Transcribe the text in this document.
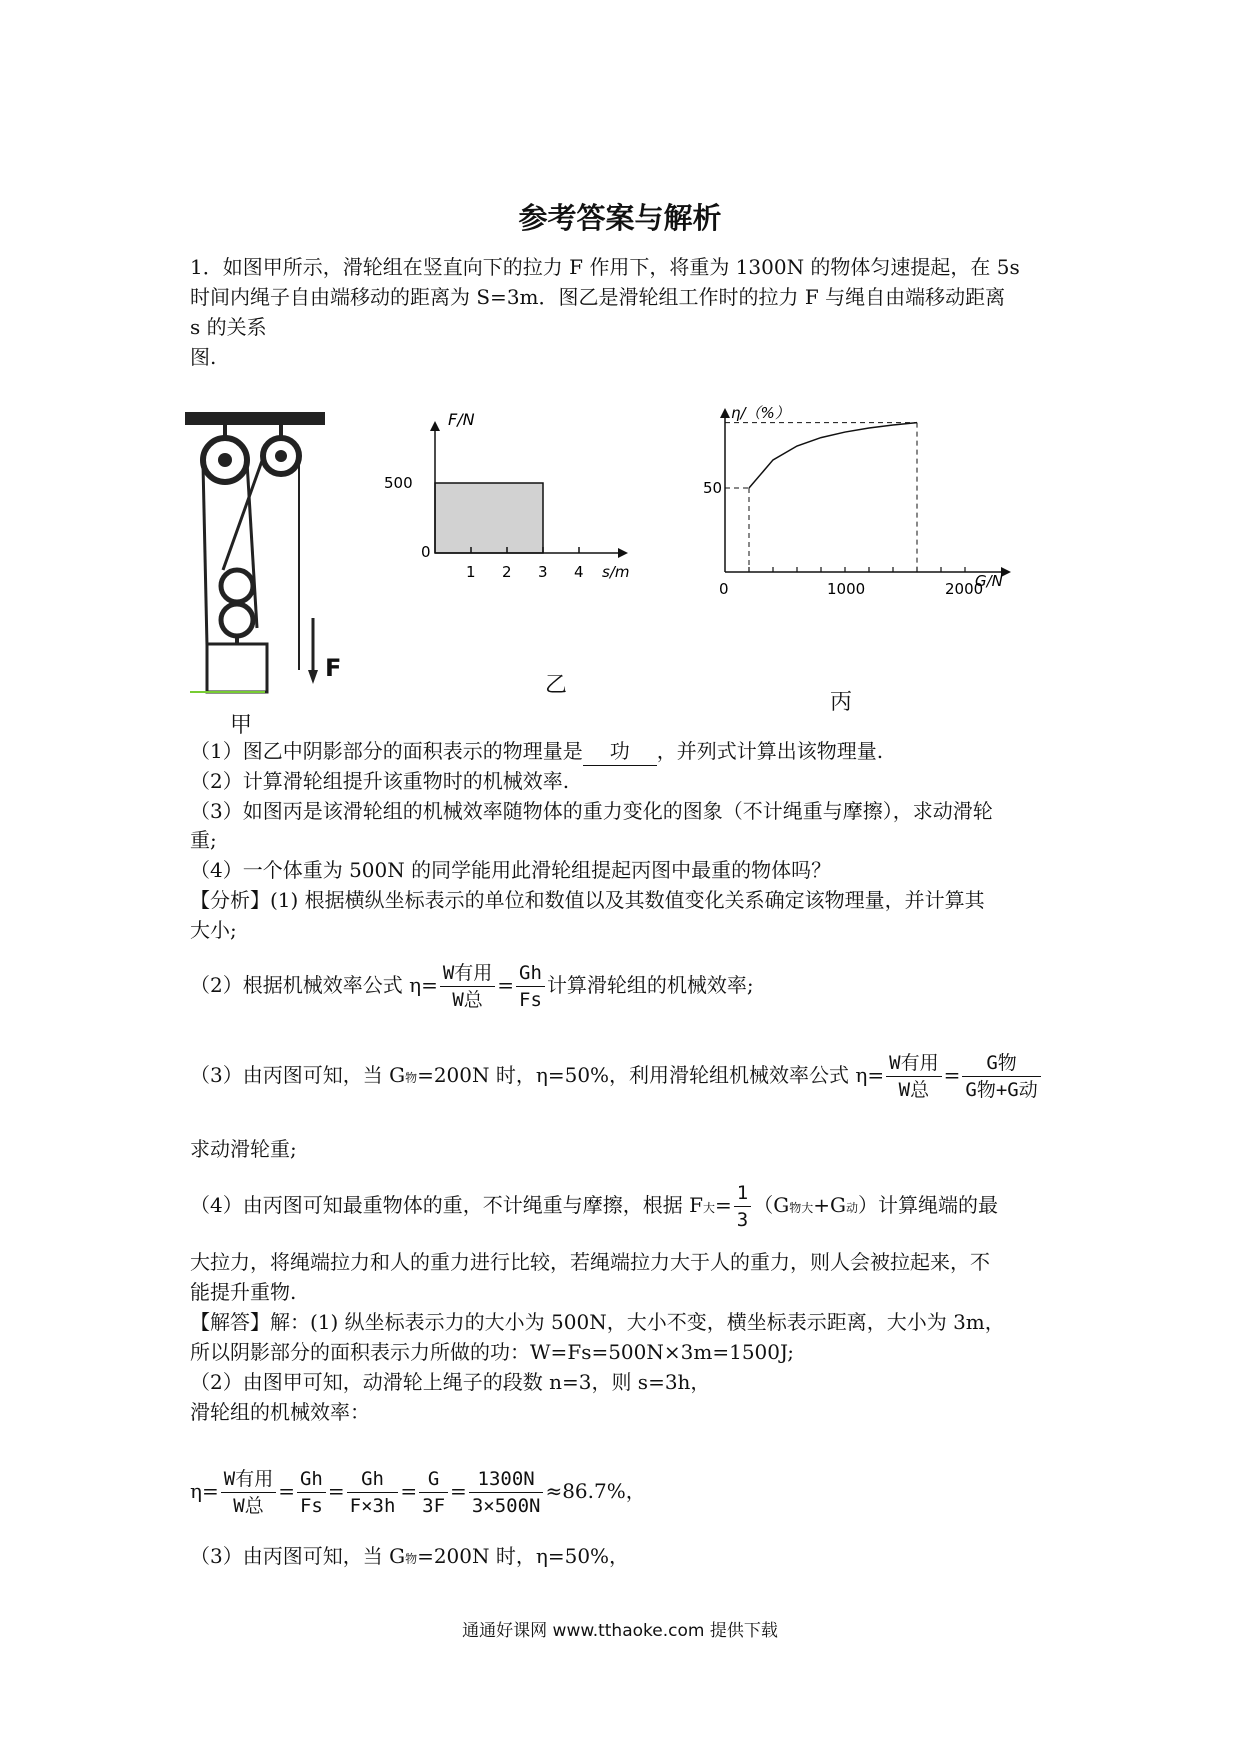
参考答案与解析
1．如图甲所示，滑轮组在竖直向下的拉力 F 作用下，将重为 1300N 的物体匀速提起，在 5s
时间内绳子自由端移动的距离为 S=3m．图乙是滑轮组工作时的拉力 F 与绳自由端移动距离
s 的关系
图.
F
甲
0
1 2 3 4
500
F/N
s/m
乙
50
0	1000	2000
η/（%）
G/N
丙
（1）图乙中阴影部分的面积表示的物理量是 功 ，并列式计算出该物理量.
（2）计算滑轮组提升该重物时的机械效率.
（3）如图丙是该滑轮组的机械效率随物体的重力变化的图象（不计绳重与摩擦），求动滑轮
重;
（4）一个体重为 500N 的同学能用此滑轮组提起丙图中最重的物体吗？
【分析】(1) 根据横纵坐标表示的单位和数值以及其数值变化关系确定该物理量，并计算其
大小;
（2）根据机械效率公式 $\eta= \frac{\text{W有用}}{\text{W总}} = \frac{Gh}{Fs}$ 计算滑轮组的机械效率;
（3）由丙图可知，当 G物=200N 时，η=50%，利用滑轮组机械效率公式 $\eta= \frac{\text{W有用}}{\text{W总}} = \frac{\text{G物}}{\text{G物+G动}}$
求动滑轮重;
（4）由丙图可知最重物体的重，不计绳重与摩擦，根据 F大= $\frac{1}{3} (G$物大+G动）计算绳端的最
大拉力，将绳端拉力和人的重力进行比较，若绳端拉力大于人的重力，则人会被拉起来，不
能提升重物.
【解答】解：(1) 纵坐标表示力的大小为 500N，大小不变，横坐标表示距离，大小为 3m，
所以阴影部分的面积表示力所做的功：W=Fs=500N×3m=1500J;
（2）由图甲可知，动滑轮上绳子的段数 n=3，则 s=3h，
滑轮组的机械效率：
$\eta= \frac{\text{W有用}}{\text{W总}} = \frac{Gh}{Fs} = \frac{Gh}{F\times 3h} = \frac{G}{3F} = \frac{1300N}{3\times 500N} \approx 86.7\%$，
（3）由丙图可知，当 G物=200N 时，η=50%，
通通好课网 www.tthaoke.com 提供下载
